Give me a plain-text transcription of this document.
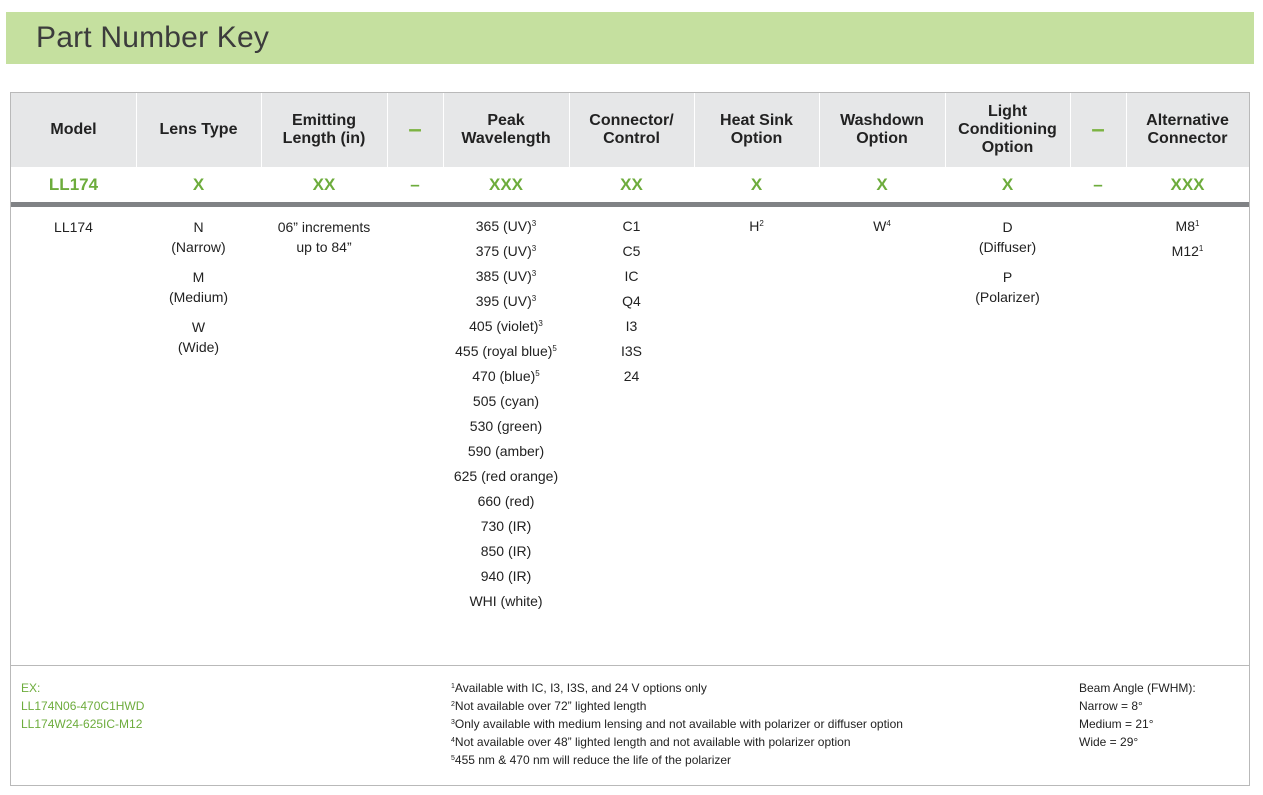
Part Number Key
Model
LL174
LL174
Lens Type
X
N
(Narrow)
M
(Medium)
W
(Wide)
Emitting Length (in)
XX
06” increments
up to 84”
–
–
Peak Wavelength
XXX
365 (UV)$^3$
375 (UV)$^3$
385 (UV)$^3$
395 (UV)$^3$
405 (violet)$^3$
455 (royal blue)$^5$
470 (blue)$^5$
505 (cyan)
530 (green)
590 (amber)
625 (red orange)
660 (red)
730 (IR)
850 (IR)
940 (IR)
WHI (white)
Connector/ Control
XX
C1
C5
IC
Q4
I3
I3S
24
Heat Sink Option
X
$H^2$
Washdown Option
X
$W^4$
Light Conditioning Option
X
D
(Diffuser)
P
(Polarizer)
–
–
Alternative Connector
XXX
$M8^1$
$M12^1$
EX:
LL174N06-470C1HWD
LL174W24-625IC-M12
$^1$Available with IC, I3, I3S, and 24 V options only
$^2$Not available over 72” lighted length
$^3$Only available with medium lensing and not available with polarizer or diffuser option
$^4$Not available over 48” lighted length and not available with polarizer option
$^5$455 nm & 470 nm will reduce the life of the polarizer
Beam Angle (FWHM):
Narrow = 8°
Medium = 21°
Wide = 29°
